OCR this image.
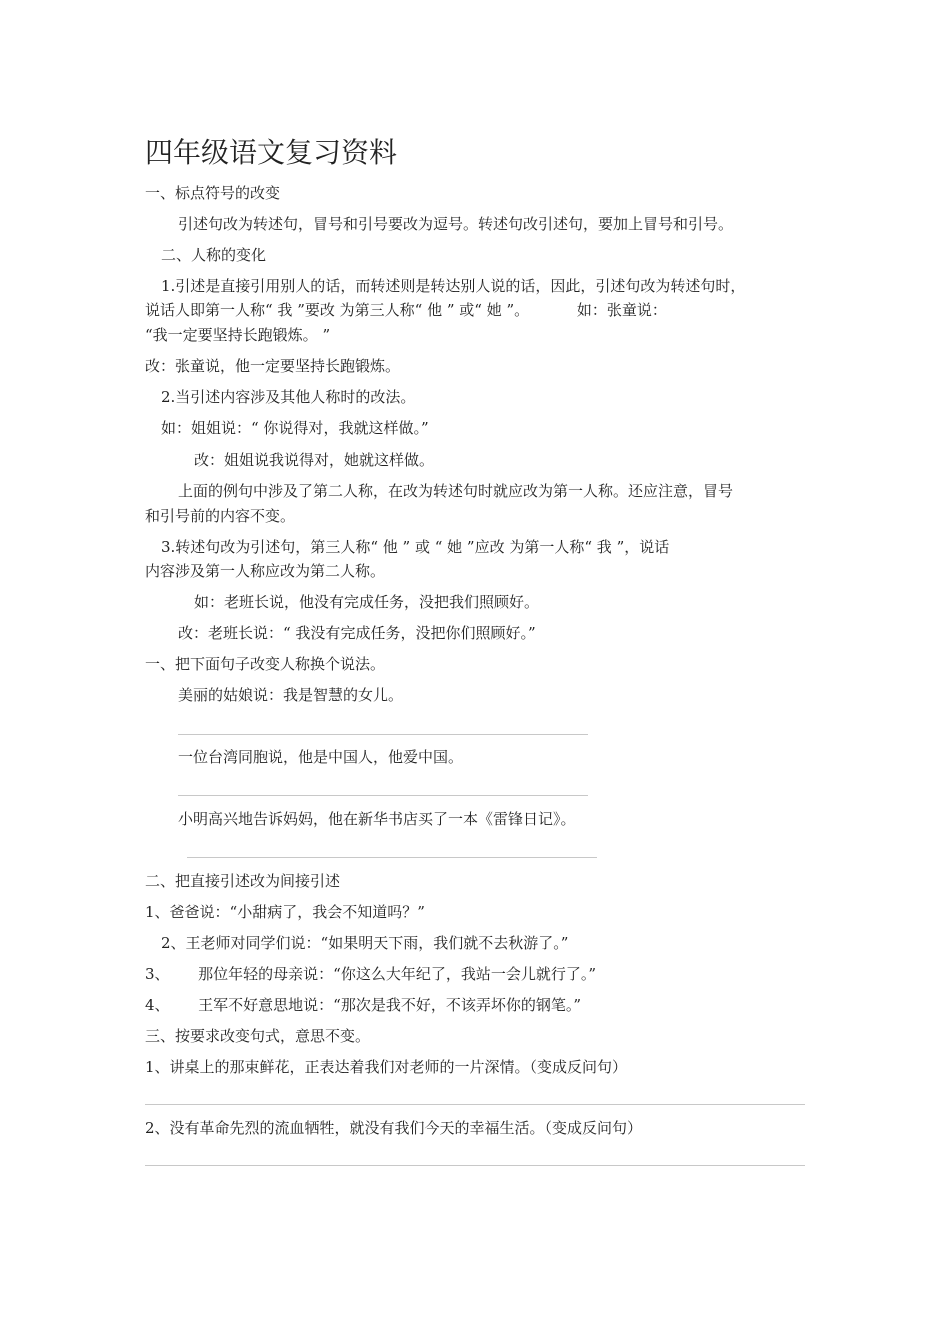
四年级语文复习资料
一、标点符号的改变
引述句改为转述句，冒号和引号要改为逗号。转述句改引述句，要加上冒号和引号。
二、人称的变化
1.引述是直接引用别人的话，而转述则是转达别人说的话，因此，引述句改为转述句时，
说话人即第一人称“ 我 ”要改 为第三人称“ 他 ” 或“ 她 ”。          如：张童说：
“我一定要坚持长跑锻炼。 ”
改：张童说，他一定要坚持长跑锻炼。
2.当引述内容涉及其他人称时的改法。
如：姐姐说：“ 你说得对，我就这样做。”
改：姐姐说我说得对，她就这样做。
上面的例句中涉及了第二人称，在改为转述句时就应改为第一人称。还应注意，冒号
和引号前的内容不变。
3.转述句改为引述句，第三人称“ 他 ” 或 “ 她 ”应改 为第一人称“ 我 ”，说话
内容涉及第一人称应改为第二人称。
如：老班长说，他没有完成任务，没把我们照顾好。
改：老班长说：“ 我没有完成任务，没把你们照顾好。”
一、把下面句子改变人称换个说法。
美丽的姑娘说：我是智慧的女儿。
一位台湾同胞说，他是中国人，他爱中国。
小明高兴地告诉妈妈，他在新华书店买了一本《雷锋日记》。
二、把直接引述改为间接引述
1、爸爸说：“小甜病了，我会不知道吗？”
2、王老师对同学们说：“如果明天下雨，我们就不去秋游了。”
3、      那位年轻的母亲说：“你这么大年纪了，我站一会儿就行了。”
4、      王军不好意思地说：“那次是我不好，不该弄坏你的钢笔。”
三、按要求改变句式，意思不变。
1、讲桌上的那束鲜花，正表达着我们对老师的一片深情。（变成反问句）
2、没有革命先烈的流血牺牲，就没有我们今天的幸福生活。（变成反问句）
